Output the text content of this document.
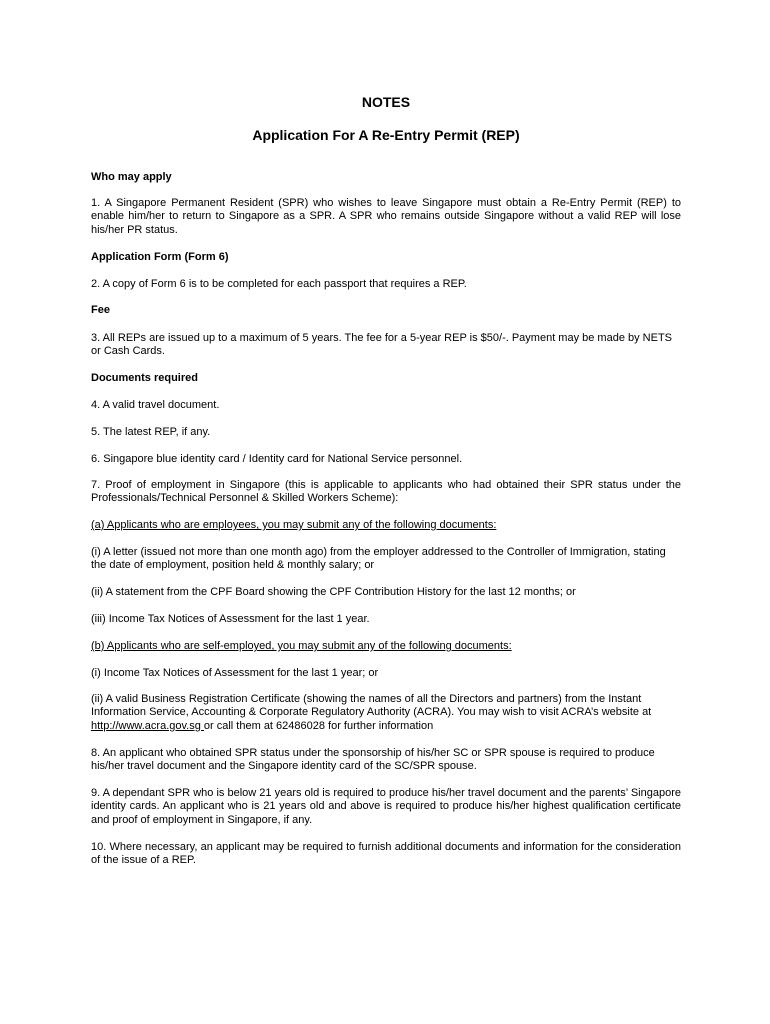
NOTES
Application For A Re-Entry Permit (REP)

Who may apply

1. A Singapore Permanent Resident (SPR) who wishes to leave Singapore must obtain a Re-Entry Permit (REP) to enable him/her to return to Singapore as a SPR. A SPR who remains outside Singapore without a valid REP will lose his/her PR status.

Application Form (Form 6)

2. A copy of Form 6 is to be completed for each passport that requires a REP.

Fee

3. All REPs are issued up to a maximum of 5 years. The fee for a 5-year REP is $50/-. Payment may be made by NETS or Cash Cards.

Documents required

4. A valid travel document.

5. The latest REP, if any.

6. Singapore blue identity card / Identity card for National Service personnel.

7. Proof of employment in Singapore (this is applicable to applicants who had obtained their SPR status under the Professionals/Technical Personnel & Skilled Workers Scheme):

(a) Applicants who are employees, you may submit any of the following documents:

(i) A letter (issued not more than one month ago) from the employer addressed to the Controller of Immigration, stating the date of employment, position held & monthly salary; or

(ii) A statement from the CPF Board showing the CPF Contribution History for the last 12 months; or

(iii) Income Tax Notices of Assessment for the last 1 year.

(b) Applicants who are self-employed, you may submit any of the following documents:

(i) Income Tax Notices of Assessment for the last 1 year; or

(ii) A valid Business Registration Certificate (showing the names of all the Directors and partners) from the Instant Information Service, Accounting & Corporate Regulatory Authority (ACRA). You may wish to visit ACRA’s website at http://www.acra.gov.sg or call them at 62486028 for further information

8. An applicant who obtained SPR status under the sponsorship of his/her SC or SPR spouse is required to produce his/her travel document and the Singapore identity card of the SC/SPR spouse.

9. A dependant SPR who is below 21 years old is required to produce his/her travel document and the parents’ Singapore identity cards. An applicant who is 21 years old and above is required to produce his/her highest qualification certificate and proof of employment in Singapore, if any.

10. Where necessary, an applicant may be required to furnish additional documents and information for the consideration of the issue of a REP.
